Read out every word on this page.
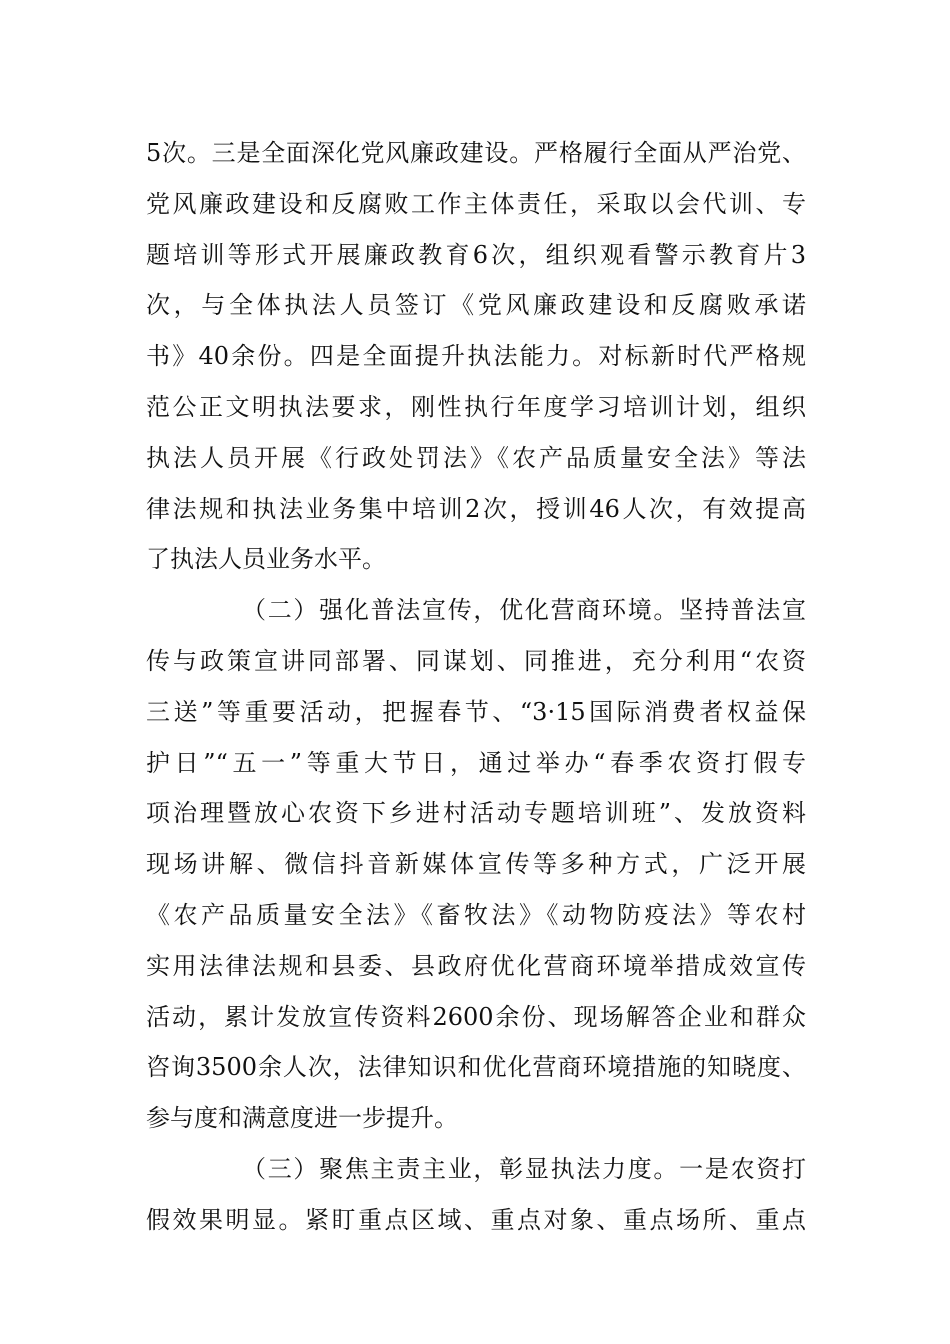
5次。三是全面深化党风廉政建设。严格履行全面从严治党、
党风廉政建设和反腐败工作主体责任，采取以会代训、专
题培训等形式开展廉政教育6次，组织观看警示教育片3
次，与全体执法人员签订《党风廉政建设和反腐败承诺
书》40余份。四是全面提升执法能力。对标新时代严格规
范公正文明执法要求，刚性执行年度学习培训计划，组织
执法人员开展《行政处罚法》《农产品质量安全法》等法
律法规和执法业务集中培训2次，授训46人次，有效提高
了执法人员业务水平。
（二）强化普法宣传，优化营商环境。坚持普法宣
传与政策宣讲同部署、同谋划、同推进，充分利用“农资
三送”等重要活动，把握春节、“3·15国际消费者权益保
护日”“五一”等重大节日，通过举办“春季农资打假专
项治理暨放心农资下乡进村活动专题培训班”、发放资料
现场讲解、微信抖音新媒体宣传等多种方式，广泛开展
《农产品质量安全法》《畜牧法》《动物防疫法》等农村
实用法律法规和县委、县政府优化营商环境举措成效宣传
活动，累计发放宣传资料2600余份、现场解答企业和群众
咨询3500余人次，法律知识和优化营商环境措施的知晓度、
参与度和满意度进一步提升。
（三）聚焦主责主业，彰显执法力度。一是农资打
假效果明显。紧盯重点区域、重点对象、重点场所、重点
